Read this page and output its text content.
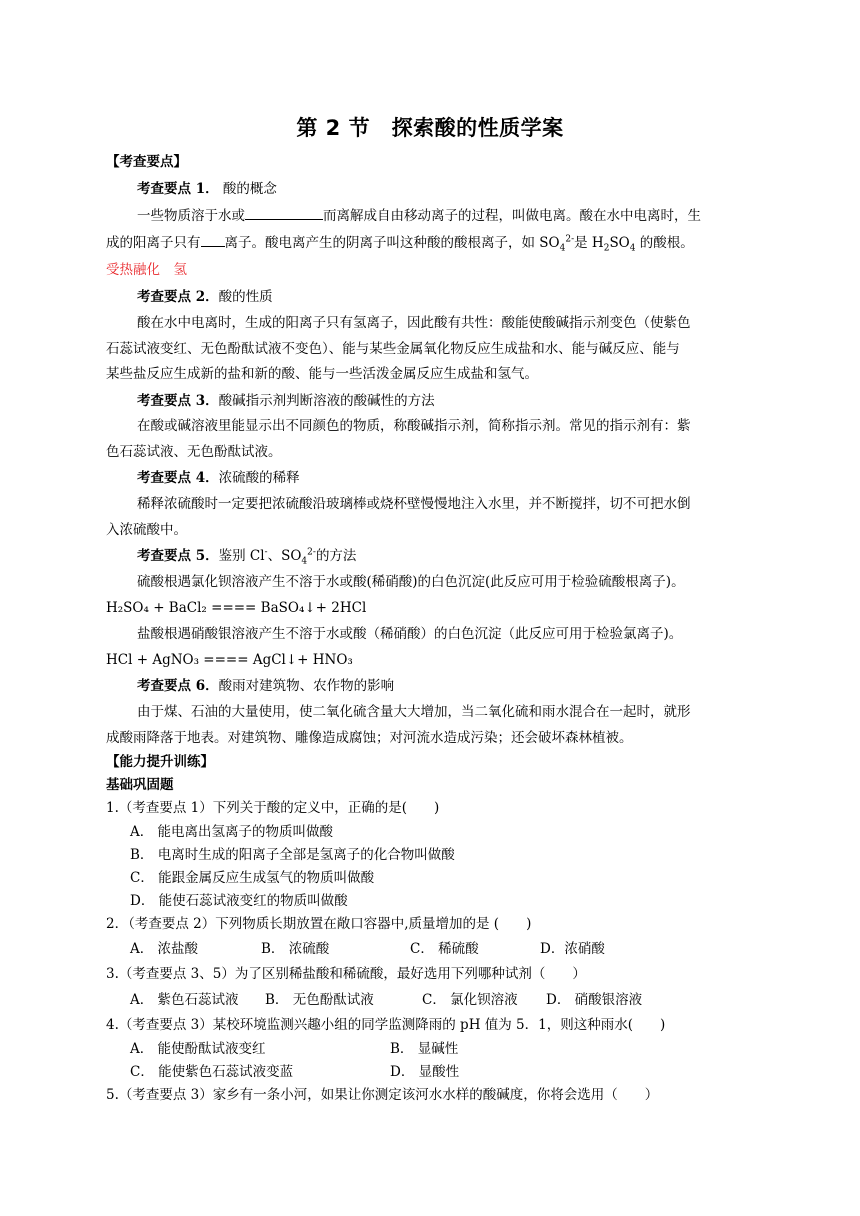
第 2 节　探索酸的性质学案
【考查要点】
考查要点 1． 酸的概念
一些物质溶于水或	而离解成自由移动离子的过程，叫做电离。酸在水中电离时，生
成的阳离子只有 离子。酸电离产生的阴离子叫这种酸的酸根离子，如 $SO_4^{2-}$是 $H_2SO_4$ 的酸根。
受热融化　氢
考查要点 2．酸的性质
酸在水中电离时，生成的阳离子只有氢离子，因此酸有共性：酸能使酸碱指示剂变色（使紫色
石蕊试液变红、无色酚酞试液不变色）、能与某些金属氧化物反应生成盐和水、能与碱反应、能与
某些盐反应生成新的盐和新的酸、能与一些活泼金属反应生成盐和氢气。
考查要点 3．酸碱指示剂判断溶液的酸碱性的方法
在酸或碱溶液里能显示出不同颜色的物质，称酸碱指示剂，简称指示剂。常见的指示剂有：紫
色石蕊试液、无色酚酞试液。
考查要点 4．浓硫酸的稀释
稀释浓硫酸时一定要把浓硫酸沿玻璃棒或烧杯壁慢慢地注入水里，并不断搅拌，切不可把水倒
入浓硫酸中。
考查要点 5．鉴别 Cl-、$SO_4^{2-}$的方法
硫酸根遇氯化钡溶液产生不溶于水或酸(稀硝酸)的白色沉淀(此反应可用于检验硫酸根离子)。
H₂SO₄ + BaCl₂ ==== BaSO₄↓+ 2HCl
盐酸根遇硝酸银溶液产生不溶于水或酸（稀硝酸）的白色沉淀（此反应可用于检验氯离子)。
HCl + AgNO₃ ==== AgCl↓+ HNO₃
考查要点 6．酸雨对建筑物、农作物的影响
由于煤、石油的大量使用，使二氧化硫含量大大增加，当二氧化硫和雨水混合在一起时，就形
成酸雨降落于地表。对建筑物、雕像造成腐蚀；对河流水造成污染；还会破坏森林植被。
【能力提升训练】
基础巩固题
1.（考查要点 1）下列关于酸的定义中，正确的是(　　)
A． 能电离出氢离子的物质叫做酸
B． 电离时生成的阳离子全部是氢离子的化合物叫做酸
C． 能跟金属反应生成氢气的物质叫做酸
D． 能使石蕊试液变红的物质叫做酸
2．（考查要点 2）下列物质长期放置在敞口容器中,质量增加的是 (　　)
A． 浓盐酸	B． 浓硫酸	C． 稀硫酸	D．浓硝酸
3.（考查要点 3、5）为了区别稀盐酸和稀硫酸，最好选用下列哪种试剂（　　）
A． 紫色石蕊试液 B． 无色酚酞试液	C． 氯化钡溶液 D． 硝酸银溶液
4.（考查要点 3）某校环境监测兴趣小组的同学监测降雨的 pH 值为 5．1，则这种雨水(　　)
A． 能使酚酞试液变红	B． 显碱性
C． 能使紫色石蕊试液变蓝	D． 显酸性
5.（考查要点 3）家乡有一条小河，如果让你测定该河水水样的酸碱度，你将会选用（　　）
